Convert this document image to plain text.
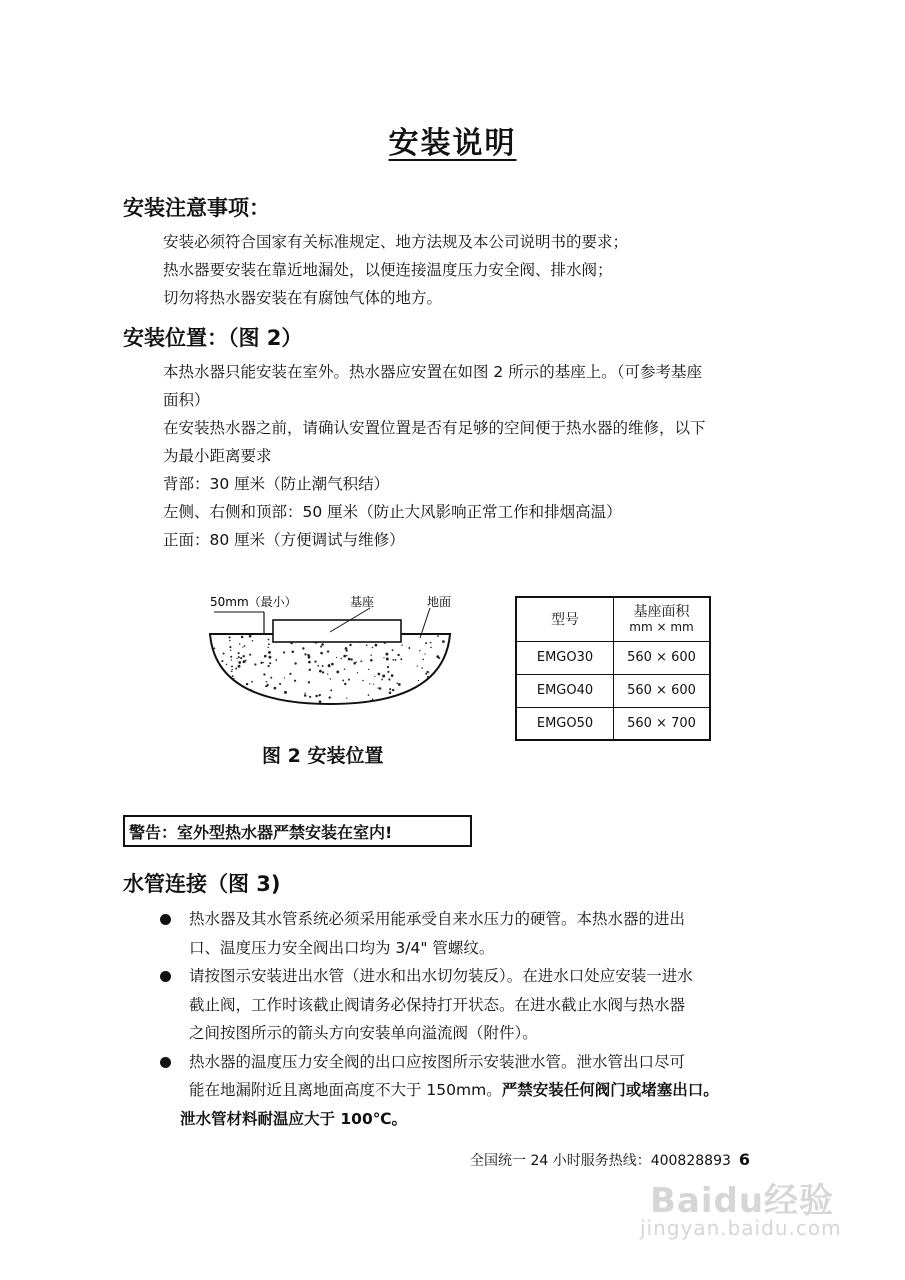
安装说明
安装注意事项：
安装必须符合国家有关标准规定、地方法规及本公司说明书的要求；
热水器要安装在靠近地漏处，以便连接温度压力安全阀、排水阀；
切勿将热水器安装在有腐蚀气体的地方。
安装位置：（图 2）
本热水器只能安装在室外。热水器应安置在如图 2 所示的基座上。（可参考基座
面积）
在安装热水器之前，请确认安置位置是否有足够的空间便于热水器的维修，以下
为最小距离要求
背部：30 厘米（防止潮气积结）
左侧、右侧和顶部：50 厘米（防止大风影响正常工作和排烟高温）
正面：80 厘米（方便调试与维修）
50mm（最小）	基座	地面
图 2 安装位置
型号	基座面积
mm × mm

EMGO30	560 × 600
EMGO40	560 × 600
EMGO50	560 × 700
警告：室外型热水器严禁安装在室内!
水管连接（图 3)
热水器及其水管系统必须采用能承受自来水压力的硬管。本热水器的进出
口、温度压力安全阀出口均为 3/4" 管螺纹。
请按图示安装进出水管（进水和出水切勿装反）。在进水口处应安装一进水
截止阀，工作时该截止阀请务必保持打开状态。在进水截止水阀与热水器
之间按图所示的箭头方向安装单向溢流阀（附件）。
热水器的温度压力安全阀的出口应按图所示安装泄水管。泄水管出口尽可
能在地漏附近且离地面高度不大于 150mm。严禁安装任何阀门或堵塞出口。
泄水管材料耐温应大于 100℃。
全国统一 24 小时服务热线：400828893 6
Baidu经验
jingyan.baidu.com
